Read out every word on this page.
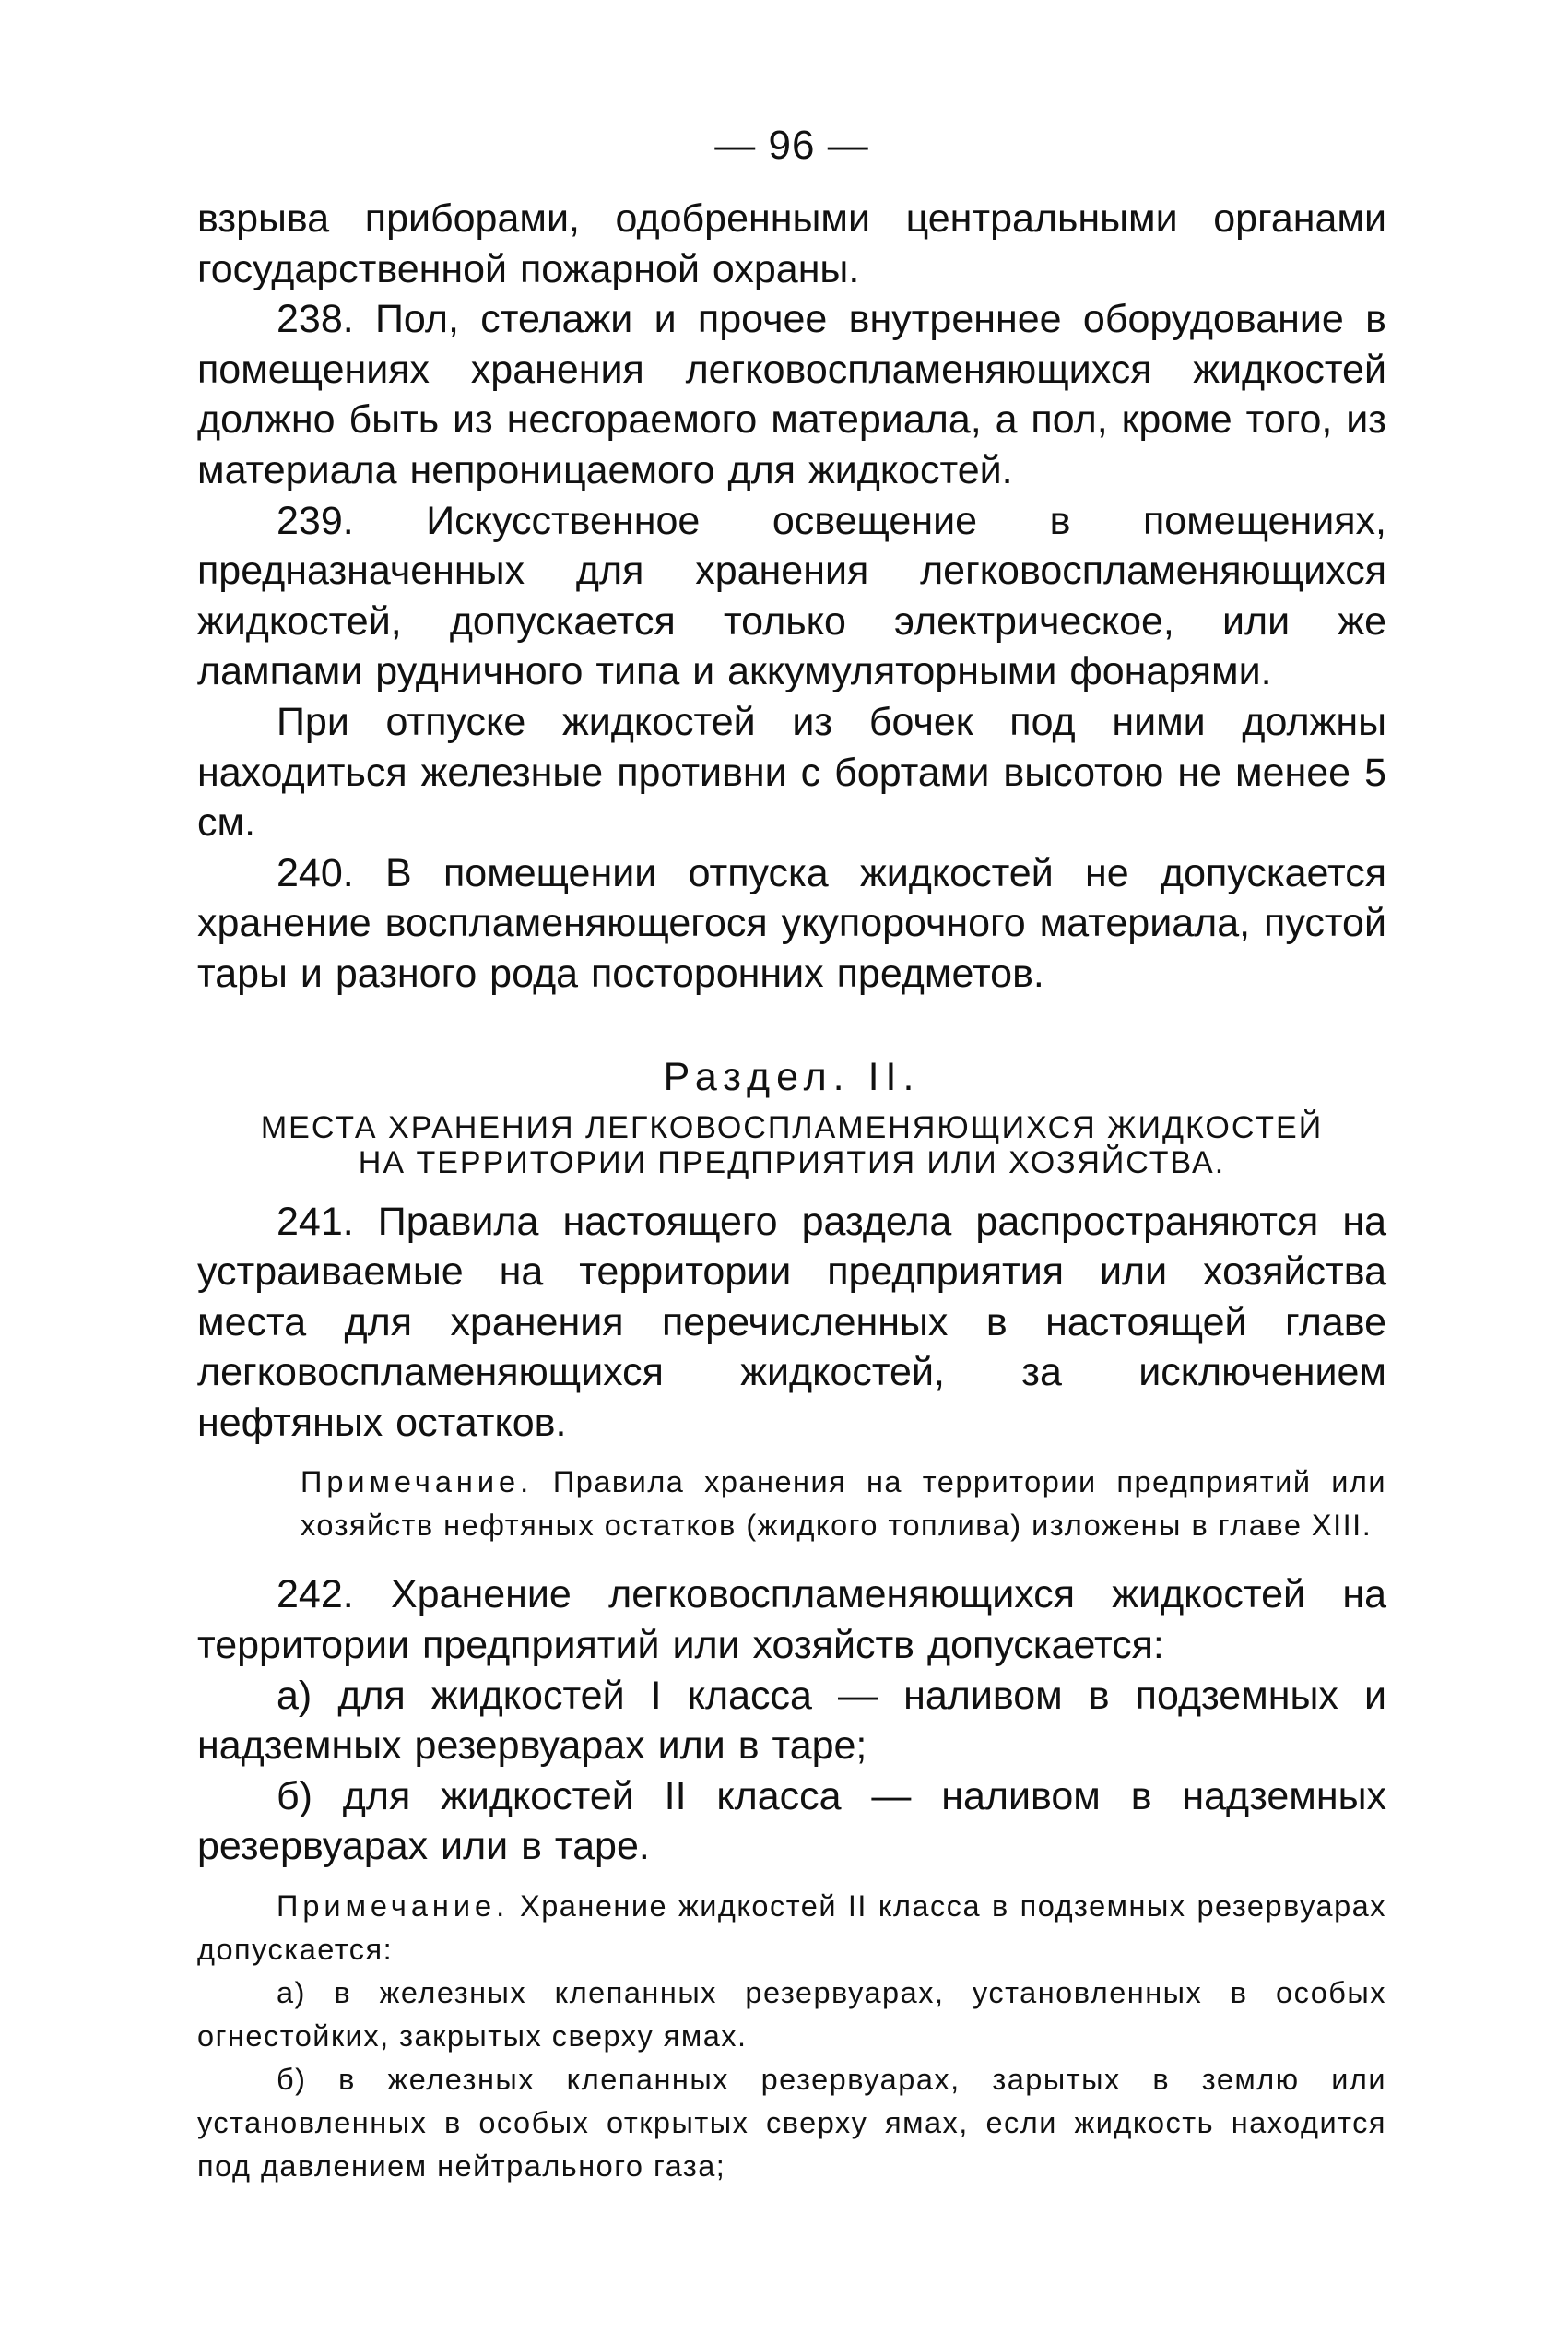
— 96 —

взрыва приборами, одобренными центральными органами государственной пожарной охраны.

238. Пол, стелажи и прочее внутреннее оборудование в помещениях хранения легковоспламеняющихся жидкостей должно быть из несгораемого материала, а пол, кроме того, из материала непроницаемого для жидкостей.

239. Искусственное освещение в помещениях, предназначенных для хранения легковоспламеняющихся жидкостей, допускается только электрическое, или же лампами рудничного типа и аккумуляторными фонарями.

При отпуске жидкостей из бочек под ними должны находиться железные противни с бортами высотою не менее 5 см.

240. В помещении отпуска жидкостей не допускается хранение воспламеняющегося укупорочного материала, пустой тары и разного рода посторонних предметов.

Раздел. II.
МЕСТА ХРАНЕНИЯ ЛЕГКОВОСПЛАМЕНЯЮЩИХСЯ ЖИДКОСТЕЙ
НА ТЕРРИТОРИИ ПРЕДПРИЯТИЯ ИЛИ ХОЗЯЙСТВА.

241. Правила настоящего раздела распространяются на устраиваемые на территории предприятия или хозяйства места для хранения перечисленных в настоящей главе легковоспламеняющихся жидкостей, за исключением нефтяных остатков.

Примечание. Правила хранения на территории предприятий или хозяйств нефтяных остатков (жидкого топлива) изложены в главе XIII.

242. Хранение легковоспламеняющихся жидкостей на территории предприятий или хозяйств допускается:

а) для жидкостей I класса — наливом в подземных и надземных резервуарах или в таре;

б) для жидкостей II класса — наливом в надземных резервуарах или в таре.

Примечание. Хранение жидкостей II класса в подземных резервуарах допускается:

а) в железных клепанных резервуарах, установленных в особых огнестойких, закрытых сверху ямах.

б) в железных клепанных резервуарах, зарытых в землю или установленных в особых открытых сверху ямах, если жидкость находится под давлением нейтрального газа;
